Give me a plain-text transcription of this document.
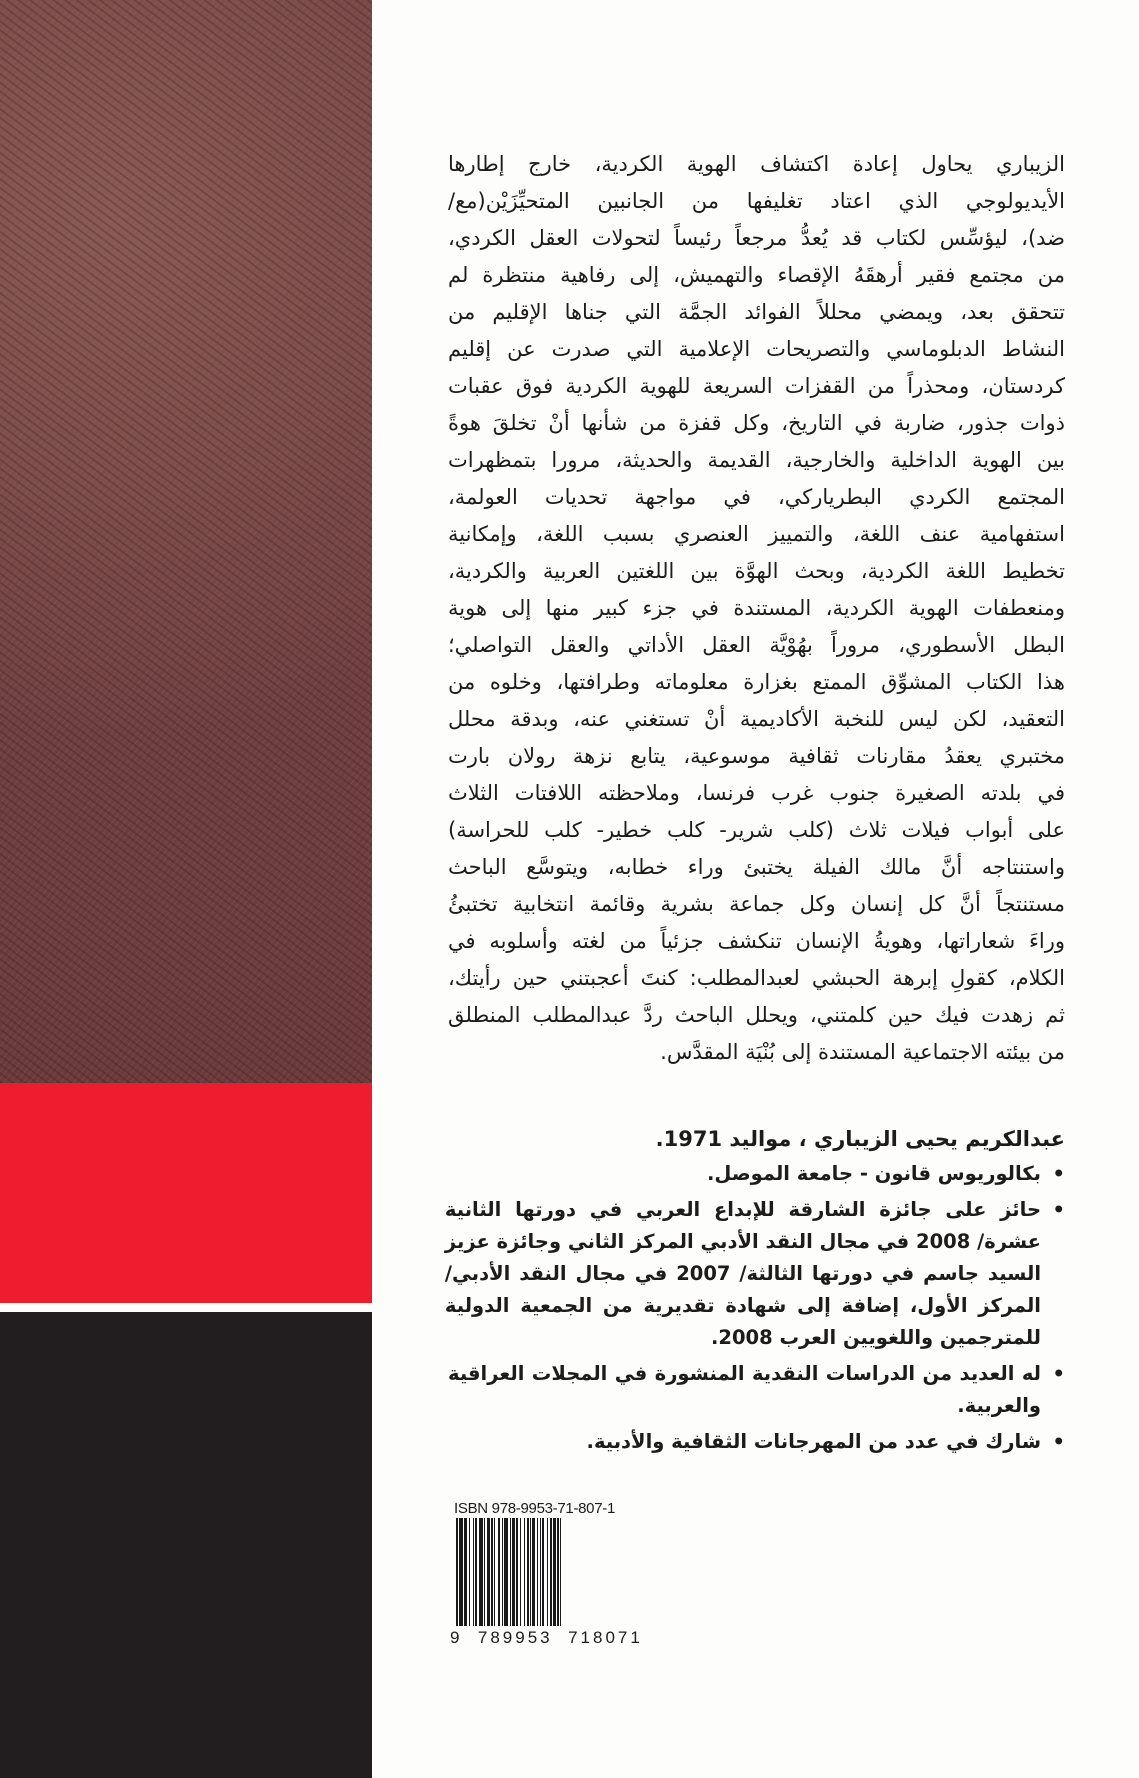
الزيباري يحاول إعادة اكتشاف الهوية الكردية، خارج إطارها
الأيديولوجي الذي اعتاد تغليفها من الجانبين المتحيِّزَيْن(مع/
ضد)، ليؤسِّس لكتاب قد يُعدُّ مرجعاً رئيساً لتحولات العقل الكردي،
من مجتمع فقير أرهقَهُ الإقصاء والتهميش، إلى رفاهية منتظرة لم
تتحقق بعد، ويمضي محللاً الفوائد الجمَّة التي جناها الإقليم من
النشاط الدبلوماسي والتصريحات الإعلامية التي صدرت عن إقليم
كردستان، ومحذراً من القفزات السريعة للهوية الكردية فوق عقبات
ذوات جذور، ضاربة في التاريخ، وكل قفزة من شأنها أنْ تخلقَ هوةً
بين الهوية الداخلية والخارجية، القديمة والحديثة، مرورا بتمظهرات
المجتمع الكردي البطرياركي، في مواجهة تحديات العولمة،
استفهامية عنف اللغة، والتمييز العنصري بسبب اللغة، وإمكانية
تخطيط اللغة الكردية، وبحث الهوَّة بين اللغتين العربية والكردية،
ومنعطفات الهوية الكردية، المستندة في جزء كبير منها إلى هوية
البطل الأسطوري، مروراً بهُوْيَّة العقل الأداتي والعقل التواصلي؛
هذا الكتاب المشوِّق الممتع بغزارة معلوماته وطرافتها، وخلوه من
التعقيد، لكن ليس للنخبة الأكاديمية أنْ تستغني عنه، وبدقة محلل
مختبري يعقدُ مقارنات ثقافية موسوعية، يتابع نزهة رولان بارت
في بلدته الصغيرة جنوب غرب فرنسا، وملاحظته اللافتات الثلاث
على أبواب فيلات ثلاث (كلب شرير- كلب خطير- كلب للحراسة)
واستنتاجه أنَّ مالك الفيلة يختبئ وراء خطابه، ويتوسَّع الباحث
مستنتجاً أنَّ كل إنسان وكل جماعة بشرية وقائمة انتخابية تختبئُ
وراءَ شعاراتها، وهويةُ الإنسان تنكشف جزئياً من لغته وأسلوبه في
الكلام، كقولِ إبرهة الحبشي لعبدالمطلب: كنتَ أعجبتني حين رأيتك،
ثم زهدت فيك حين كلمتني، ويحلل الباحث ردَّ عبدالمطلب المنطلق
من بيئته الاجتماعية المستندة إلى بُنْيَة المقدَّس.
عبدالكريم يحيى الزيباري ، مواليد 1971.
•
بكالوريوس قانون - جامعة الموصل.
•
حائز على جائزة الشارقة للإبداع العربي في دورتها الثانية
عشرة/ 2008 في مجال النقد الأدبي المركز الثاني وجائزة عزيز
السيد جاسم في دورتها الثالثة/ 2007 في مجال النقد الأدبي/
المركز الأول، إضافة إلى شهادة تقديرية من الجمعية الدولية
للمترجمين واللغويين العرب 2008.
•
له العديد من الدراسات النقدية المنشورة في المجلات العراقية
والعربية.
•
شارك في عدد من المهرجانات الثقافية والأدبية.
ISBN 978-9953-71-807-1
9  789953  718071
